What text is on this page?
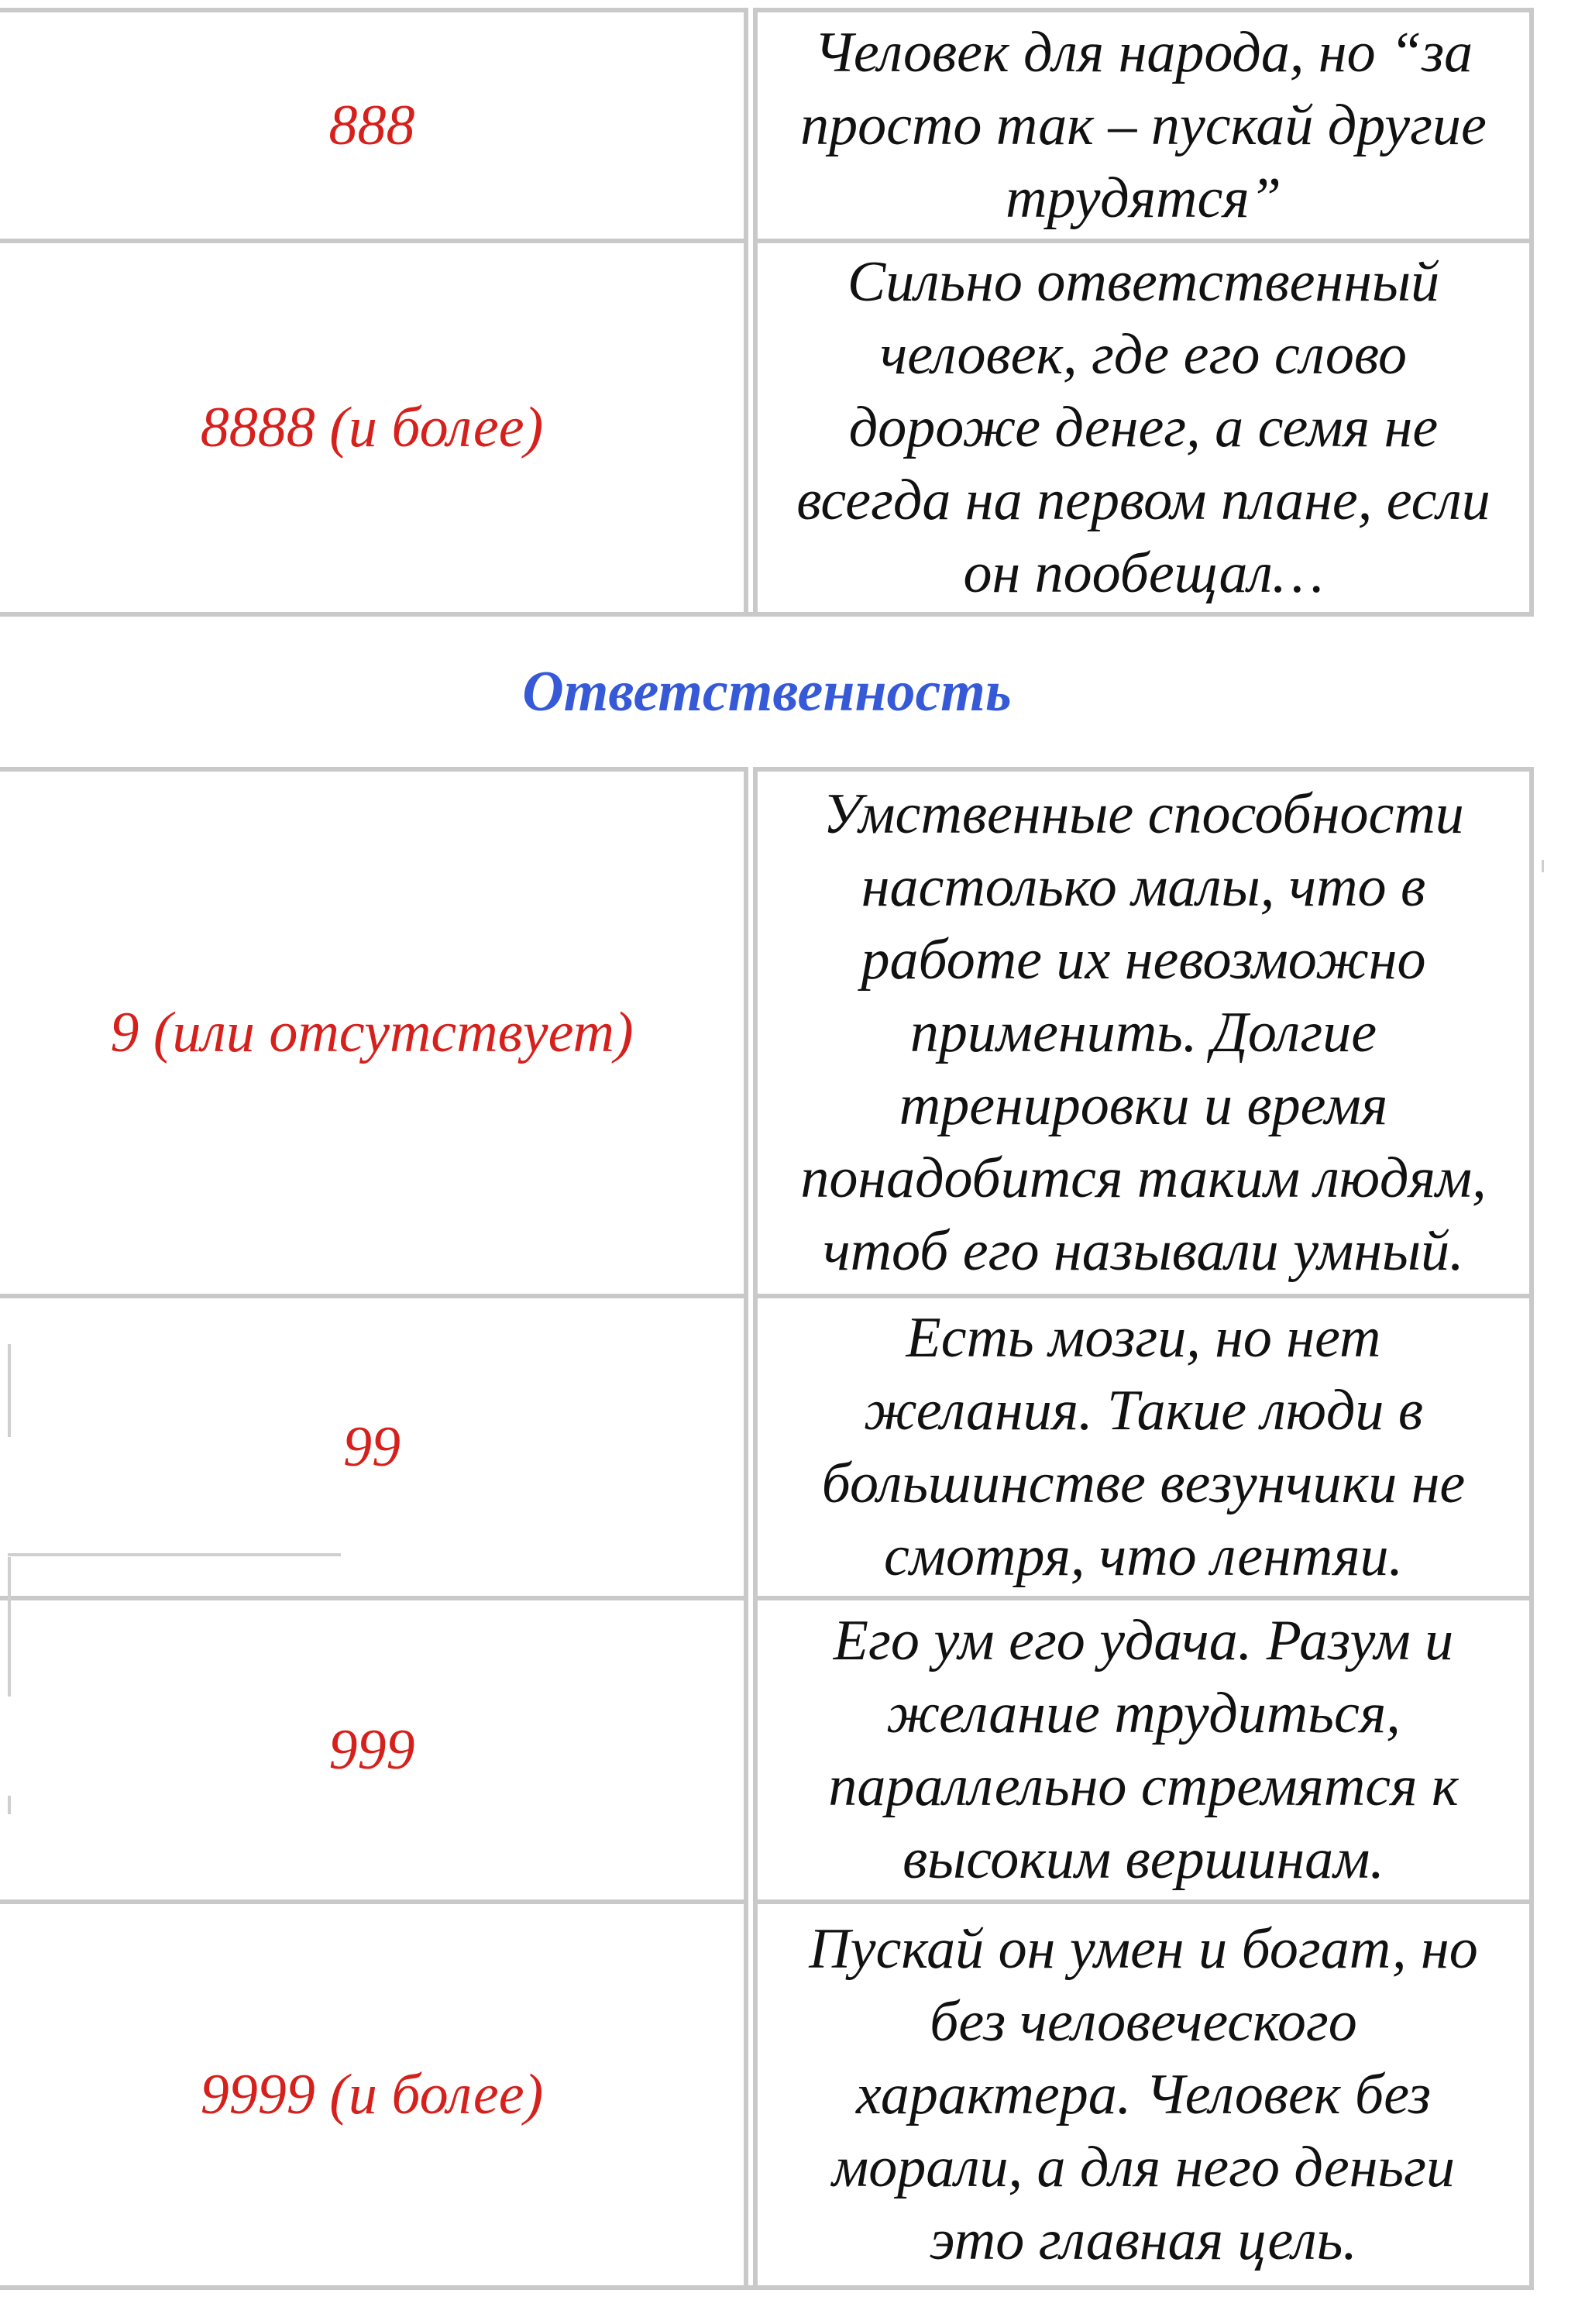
888
Человек для народа, но “за
просто так – пускай другие
трудятся”
8888 (и более)
Сильно ответственный
человек, где его слово
дороже денег, а семя не
всегда на первом плане, если
он пообещал…
Ответственность
9 (или отсутствует)
Умственные способности
настолько малы, что в
работе их невозможно
применить. Долгие
тренировки и время
понадобится таким людям,
чтоб его называли умный.
99
Есть мозги, но нет
желания. Такие люди в
большинстве везунчики не
смотря, что лентяи.
999
Его ум его удача. Разум и
желание трудиться,
параллельно стремятся к
высоким вершинам.
9999 (и более)
Пускай он умен и богат, но
без человеческого
характера. Человек без
морали, а для него деньги
это главная цель.
